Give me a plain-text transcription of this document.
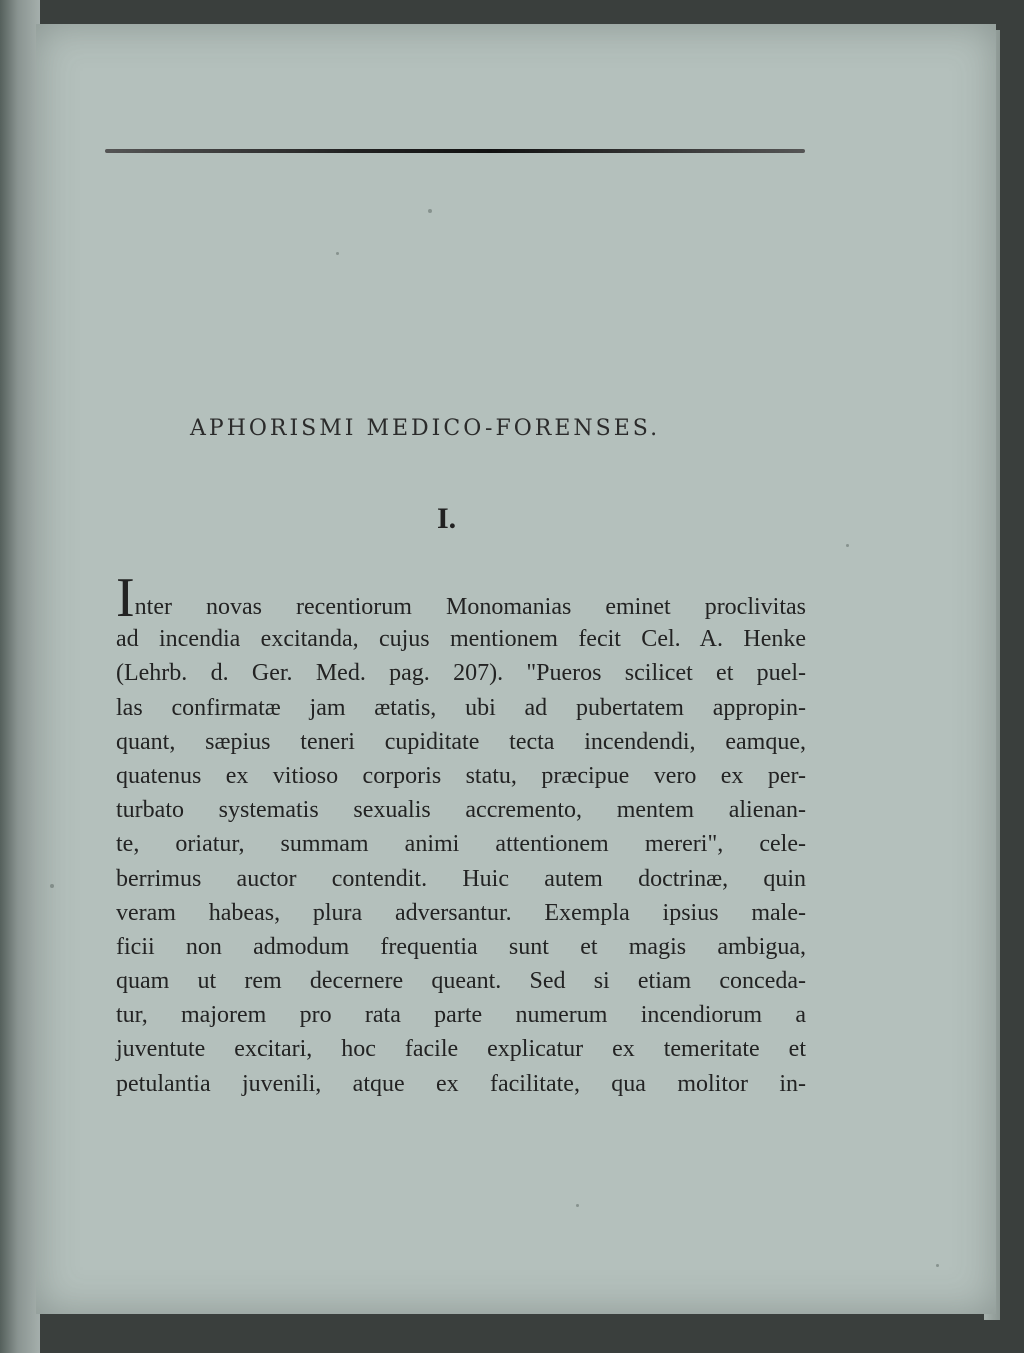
APHORISMI MEDICO-FORENSES.
I.
Inter novas recentiorum Monomanias eminet proclivitas
ad incendia excitanda, cujus mentionem fecit Cel. A. Henke
(Lehrb. d. Ger. Med. pag. 207). "Pueros scilicet et puel-
las confirmatæ jam ætatis, ubi ad pubertatem appropin-
quant, sæpius teneri cupiditate tecta incendendi, eamque,
quatenus ex vitioso corporis statu, præcipue vero ex per-
turbato systematis sexualis accremento, mentem alienan-
te, oriatur, summam animi attentionem mereri", cele-
berrimus auctor contendit. Huic autem doctrinæ, quin
veram habeas, plura adversantur. Exempla ipsius male-
ficii non admodum frequentia sunt et magis ambigua,
quam ut rem decernere queant. Sed si etiam conceda-
tur, majorem pro rata parte numerum incendiorum a
juventute excitari, hoc facile explicatur ex temeritate et
petulantia juvenili, atque ex facilitate, qua molitor in-
